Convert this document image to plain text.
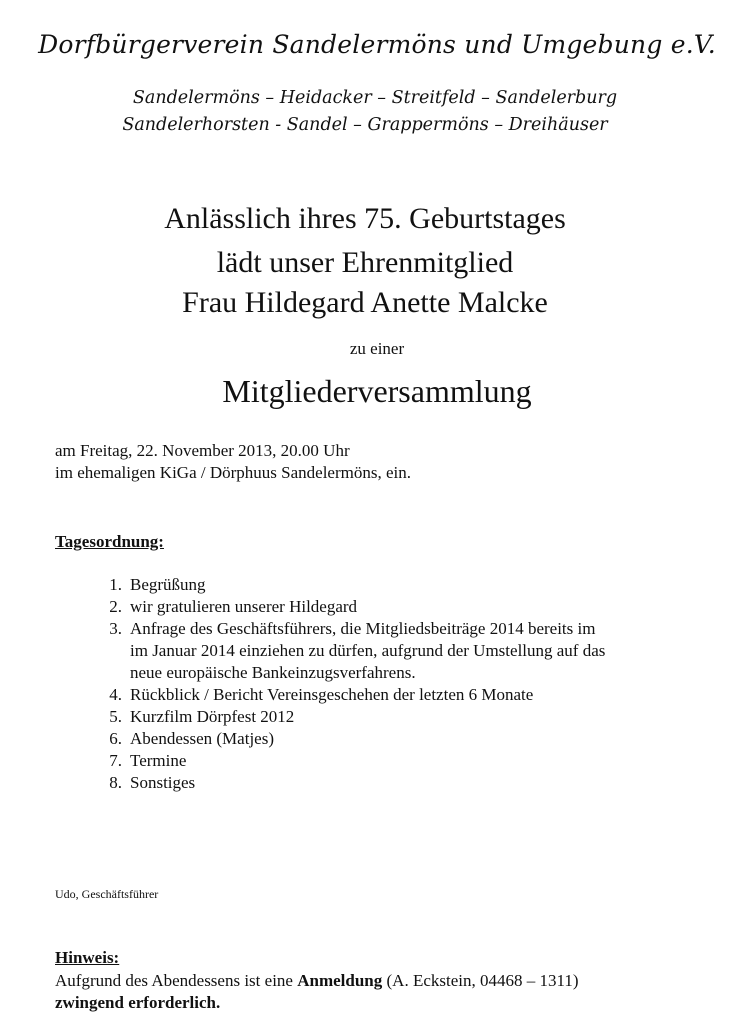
Dorfbürgerverein Sandelermöns und Umgebung e.V.
Sandelermöns – Heidacker – Streitfeld – Sandelerburg
Sandelerhorsten - Sandel – Grappermöns – Dreihäuser
Anlässlich ihres 75. Geburtstages
lädt unser Ehrenmitglied
Frau Hildegard Anette Malcke
zu einer
Mitgliederversammlung
am Freitag, 22. November 2013, 20.00 Uhr
im ehemaligen KiGa / Dörphuus Sandelermöns, ein.
Tagesordnung:
1. Begrüßung
2. wir gratulieren unserer Hildegard
3. Anfrage des Geschäftsführers, die Mitgliedsbeiträge 2014 bereits im
im Januar 2014 einziehen zu dürfen, aufgrund der Umstellung auf das
neue europäische Bankeinzugsverfahrens.
4. Rückblick / Bericht Vereinsgeschehen der letzten 6 Monate
5. Kurzfilm Dörpfest 2012
6. Abendessen (Matjes)
7. Termine
8. Sonstiges
Udo, Geschäftsführer
Hinweis:
Aufgrund des Abendessens ist eine Anmeldung (A. Eckstein, 04468 – 1311)
zwingend erforderlich.
